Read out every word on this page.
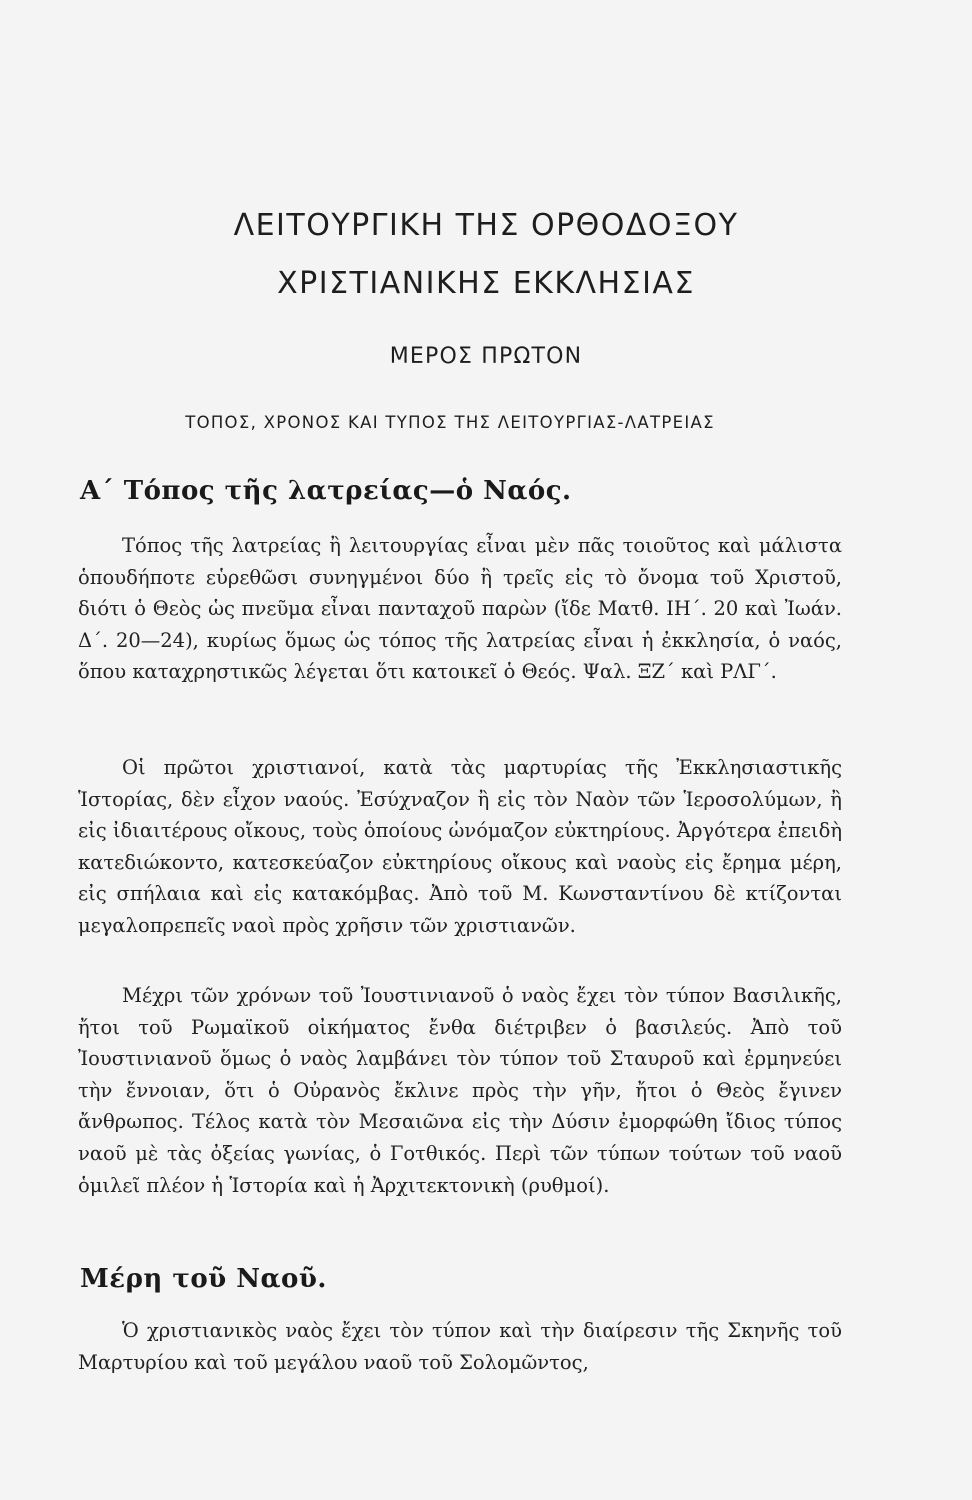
ΛΕΙΤΟΥΡΓΙΚΗ ΤΗΣ ΟΡΘΟΔΟΞΟΥ
ΧΡΙΣΤΙΑΝΙΚΗΣ ΕΚΚΛΗΣΙΑΣ
ΜΕΡΟΣ ΠΡΩΤΟΝ
ΤΟΠΟΣ, ΧΡΟΝΟΣ ΚΑΙ ΤΥΠΟΣ ΤΗΣ ΛΕΙΤΟΥΡΓΙΑΣ-ΛΑΤΡΕΙΑΣ
Α΄ Τόπος τῆς λατρείας—ὁ Ναός.

Τόπος τῆς λατρείας ἢ λειτουργίας εἶναι μὲν πᾶς τοιοῦτος καὶ μάλιστα ὁπουδήποτε εὑρεθῶσι συνηγμένοι δύο ἢ τρεῖς εἰς τὸ ὄνομα τοῦ Χριστοῦ, διότι ὁ Θεὸς ὡς πνεῦμα εἶναι πανταχοῦ παρὼν (ἴδε Ματθ. ΙΗ΄. 20 καὶ Ἰωάν. Δ΄. 20—24), κυρίως ὅμως ὡς τόπος τῆς λατρείας εἶναι ἡ ἐκκλησία, ὁ ναός, ὅπου καταχρηστικῶς λέγεται ὅτι κατοικεῖ ὁ Θεός. Ψαλ. ΞΖ΄ καὶ ΡΛΓ΄.

Οἱ πρῶτοι χριστιανοί, κατὰ τὰς μαρτυρίας τῆς Ἐκκλησιαστικῆς Ἱστορίας, δὲν εἶχον ναούς. Ἐσύχναζον ἢ εἰς τὸν Ναὸν τῶν Ἱεροσολύμων, ἢ εἰς ἰδιαιτέρους οἴκους, τοὺς ὁποίους ὠνόμαζον εὐκτηρίους. Ἀργότερα ἐπειδὴ κατεδιώκοντο, κατεσκεύαζον εὐκτηρίους οἴκους καὶ ναοὺς εἰς ἔρημα μέρη, εἰς σπήλαια καὶ εἰς κατακόμβας. Ἀπὸ τοῦ Μ. Κωνσταντίνου δὲ κτίζονται μεγαλοπρεπεῖς ναοὶ πρὸς χρῆσιν τῶν χριστιανῶν.

Μέχρι τῶν χρόνων τοῦ Ἰουστινιανοῦ ὁ ναὸς ἔχει τὸν τύπον Βασιλικῆς, ἤτοι τοῦ Ρωμαϊκοῦ οἰκήματος ἔνθα διέτριβεν ὁ βασιλεύς. Ἀπὸ τοῦ Ἰουστινιανοῦ ὅμως ὁ ναὸς λαμβάνει τὸν τύπον τοῦ Σταυροῦ καὶ ἑρμηνεύει τὴν ἔννοιαν, ὅτι ὁ Οὐρανὸς ἔκλινε πρὸς τὴν γῆν, ἤτοι ὁ Θεὸς ἔγινεν ἄνθρωπος. Τέλος κατὰ τὸν Μεσαιῶνα εἰς τὴν Δύσιν ἐμορφώθη ἴδιος τύπος ναοῦ μὲ τὰς ὀξείας γωνίας, ὁ Γοτθικός. Περὶ τῶν τύπων τούτων τοῦ ναοῦ ὁμιλεῖ πλέον ἡ Ἱστορία καὶ ἡ Ἀρχιτεκτονικὴ (ρυθμοί).

Μέρη τοῦ Ναοῦ.

Ὁ χριστιανικὸς ναὸς ἔχει τὸν τύπον καὶ τὴν διαίρεσιν τῆς Σκηνῆς τοῦ Μαρτυρίου καὶ τοῦ μεγάλου ναοῦ τοῦ Σολομῶντος,
